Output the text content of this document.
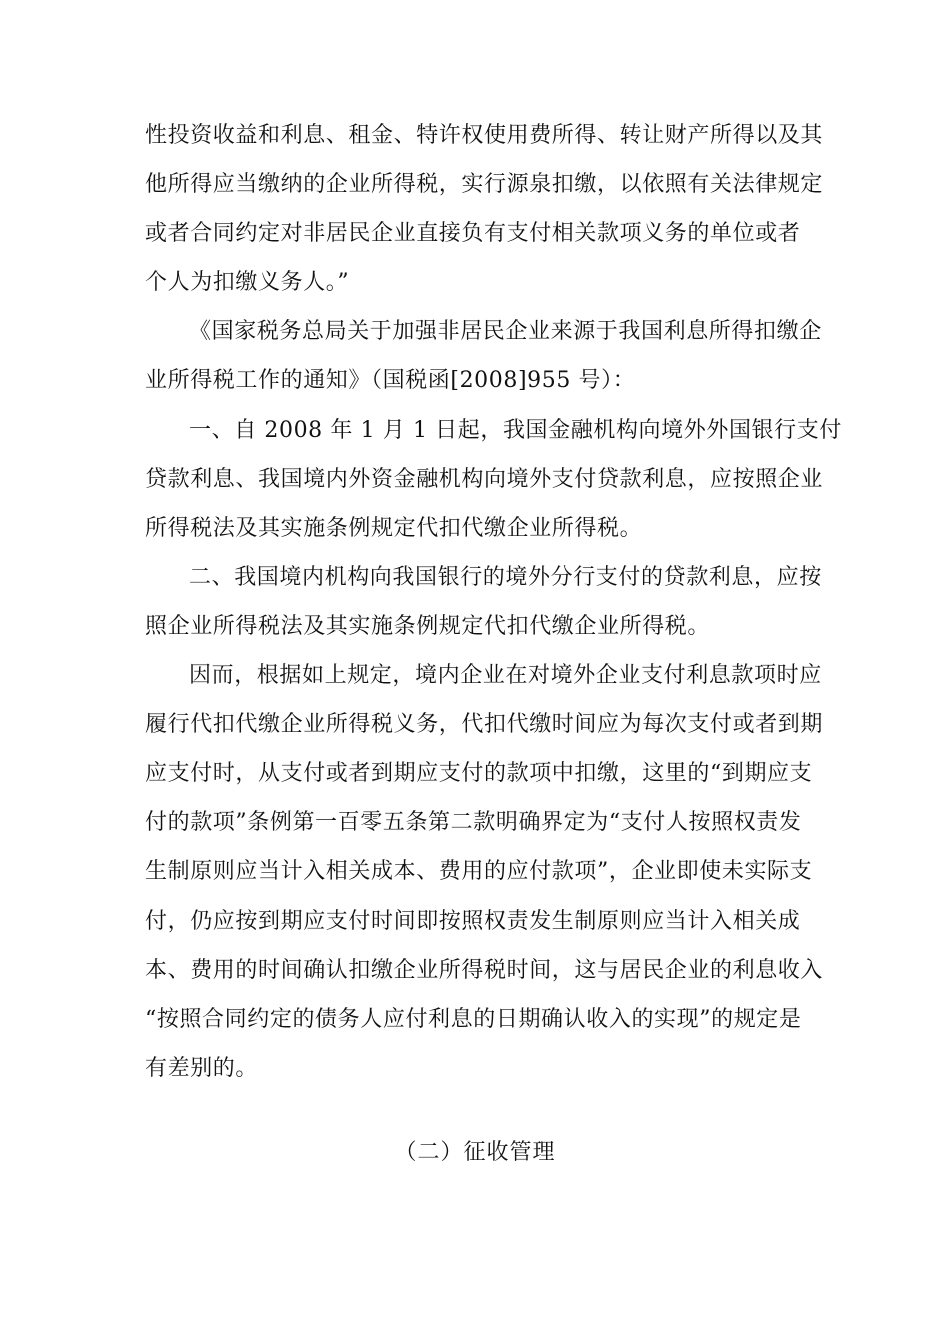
性投资收益和利息、租金、特许权使用费所得、转让财产所得以及其
他所得应当缴纳的企业所得税，实行源泉扣缴，以依照有关法律规定
或者合同约定对非居民企业直接负有支付相关款项义务的单位或者
个人为扣缴义务人。”
《国家税务总局关于加强非居民企业来源于我国利息所得扣缴企
业所得税工作的通知》（国税函[2008]955 号）：
一、自 2008 年 1 月 1 日起，我国金融机构向境外外国银行支付
贷款利息、我国境内外资金融机构向境外支付贷款利息，应按照企业
所得税法及其实施条例规定代扣代缴企业所得税。
二、我国境内机构向我国银行的境外分行支付的贷款利息，应按
照企业所得税法及其实施条例规定代扣代缴企业所得税。
因而，根据如上规定，境内企业在对境外企业支付利息款项时应
履行代扣代缴企业所得税义务，代扣代缴时间应为每次支付或者到期
应支付时，从支付或者到期应支付的款项中扣缴，这里的“到期应支
付的款项”条例第一百零五条第二款明确界定为“支付人按照权责发
生制原则应当计入相关成本、费用的应付款项”，企业即使未实际支
付，仍应按到期应支付时间即按照权责发生制原则应当计入相关成
本、费用的时间确认扣缴企业所得税时间，这与居民企业的利息收入
“按照合同约定的债务人应付利息的日期确认收入的实现”的规定是
有差别的。
（二）征收管理
